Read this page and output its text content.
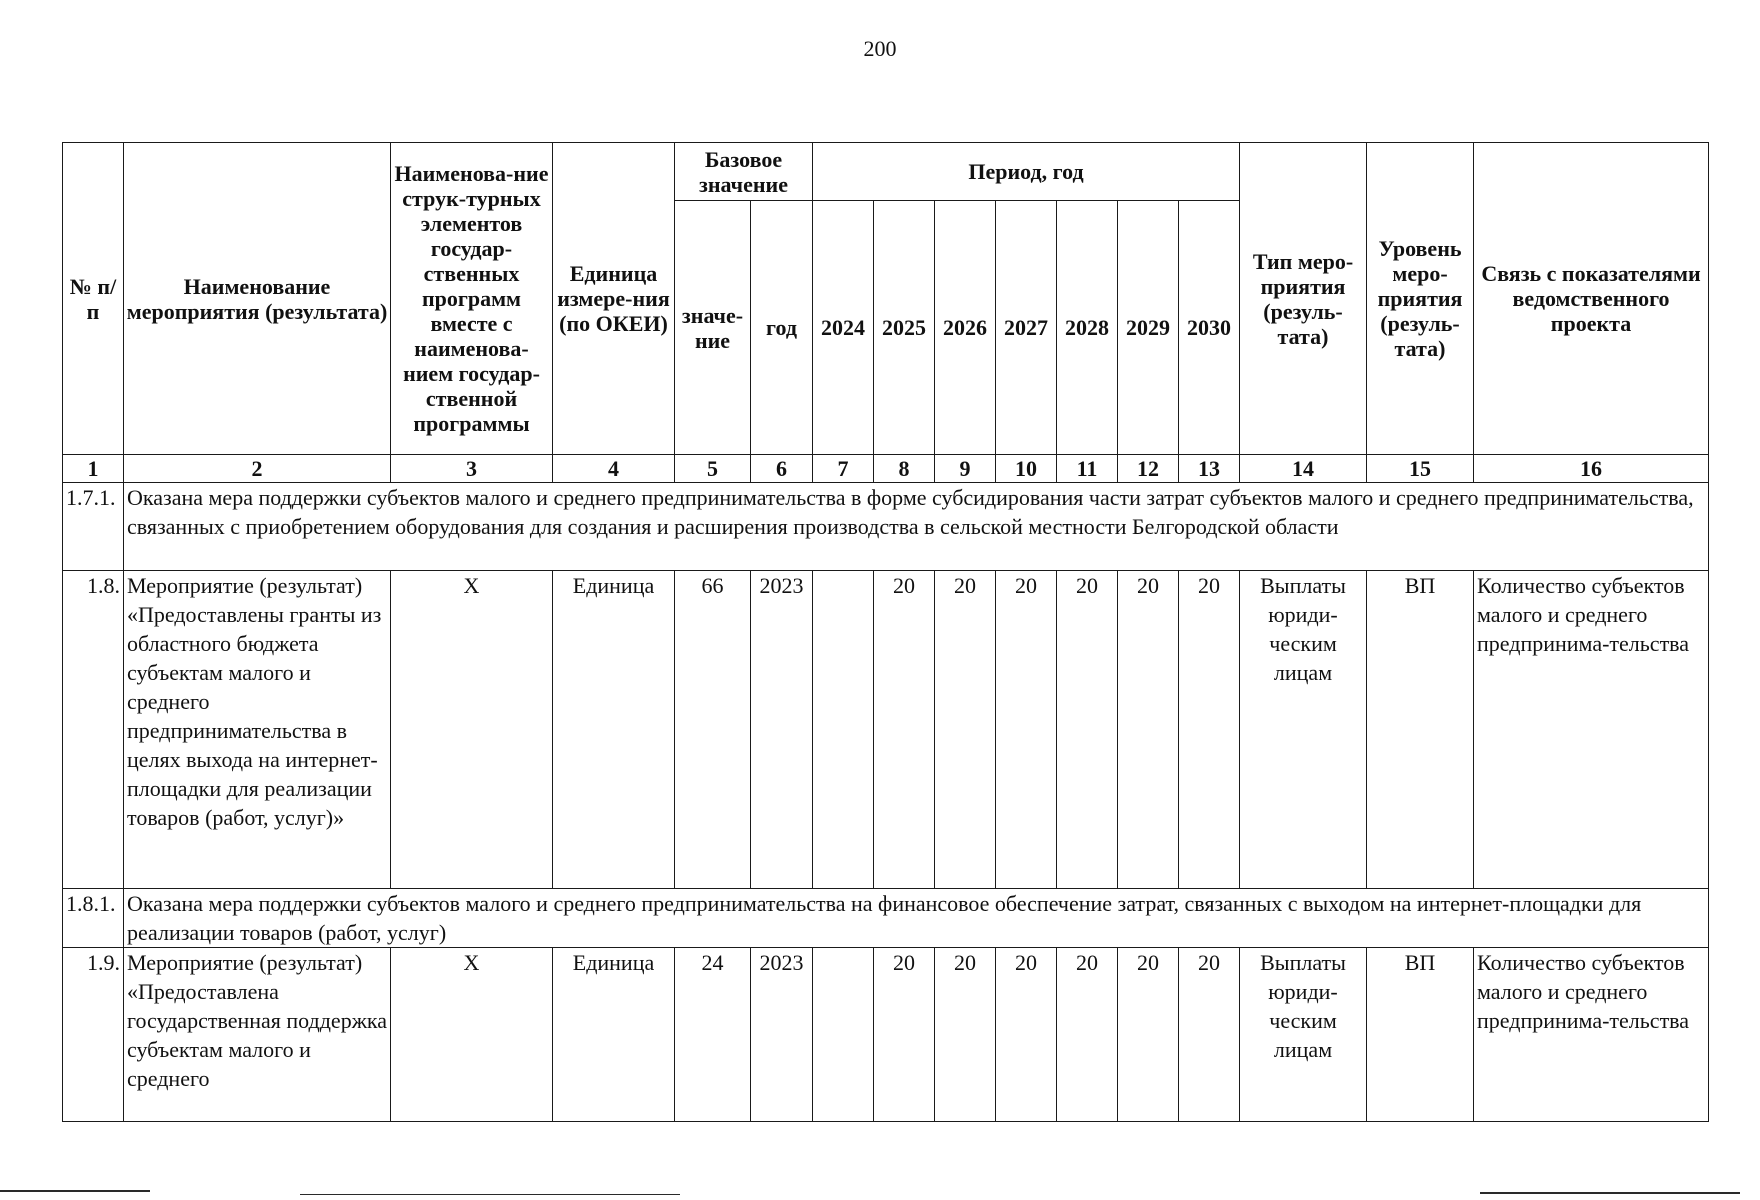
200
№ п/п	Наименование мероприятия (результата)	Наименова-ние струк-турных элементов государ-ственных программ вместе с наименова-нием государ-ственной программы	Единица измере-ния (по ОКЕИ)	Базовое значение		Период, год							Тип меро-приятия (резуль-тата)	Уровень меро-приятия (резуль-тата)	Связь с показателями ведомственного проекта
				значе-ние	год	2024	2025	2026	2027	2028	2029	2030			
1	2	3	4	5	6	7	8	9	10	11	12	13	14	15	16
1.7.1.	Оказана мера поддержки субъектов малого и среднего предпринимательства в форме субсидирования части затрат субъектов малого и среднего предпринимательства, связанных с приобретением оборудования для создания и расширения производства в сельской местности Белгородской области														
1.8.	Мероприятие (результат) «Предоставлены гранты из областного бюджета субъектам малого и среднего предпринимательства в целях выхода на интернет-площадки для реализации товаров (работ, услуг)»	Х	Единица	66	2023		20	20	20	20	20	20	Выплаты юриди-ческим лицам	ВП	Количество субъектов малого и среднего предпринима-тельства
1.8.1.	Оказана мера поддержки субъектов малого и среднего предпринимательства на финансовое обеспечение затрат, связанных с выходом на интернет-площадки для реализации товаров (работ, услуг)														
1.9.	Мероприятие (результат) «Предоставлена государственная поддержка субъектам малого и среднего	Х	Единица	24	2023		20	20	20	20	20	20	Выплаты юриди-ческим лицам	ВП	Количество субъектов малого и среднего предпринима-тельства
